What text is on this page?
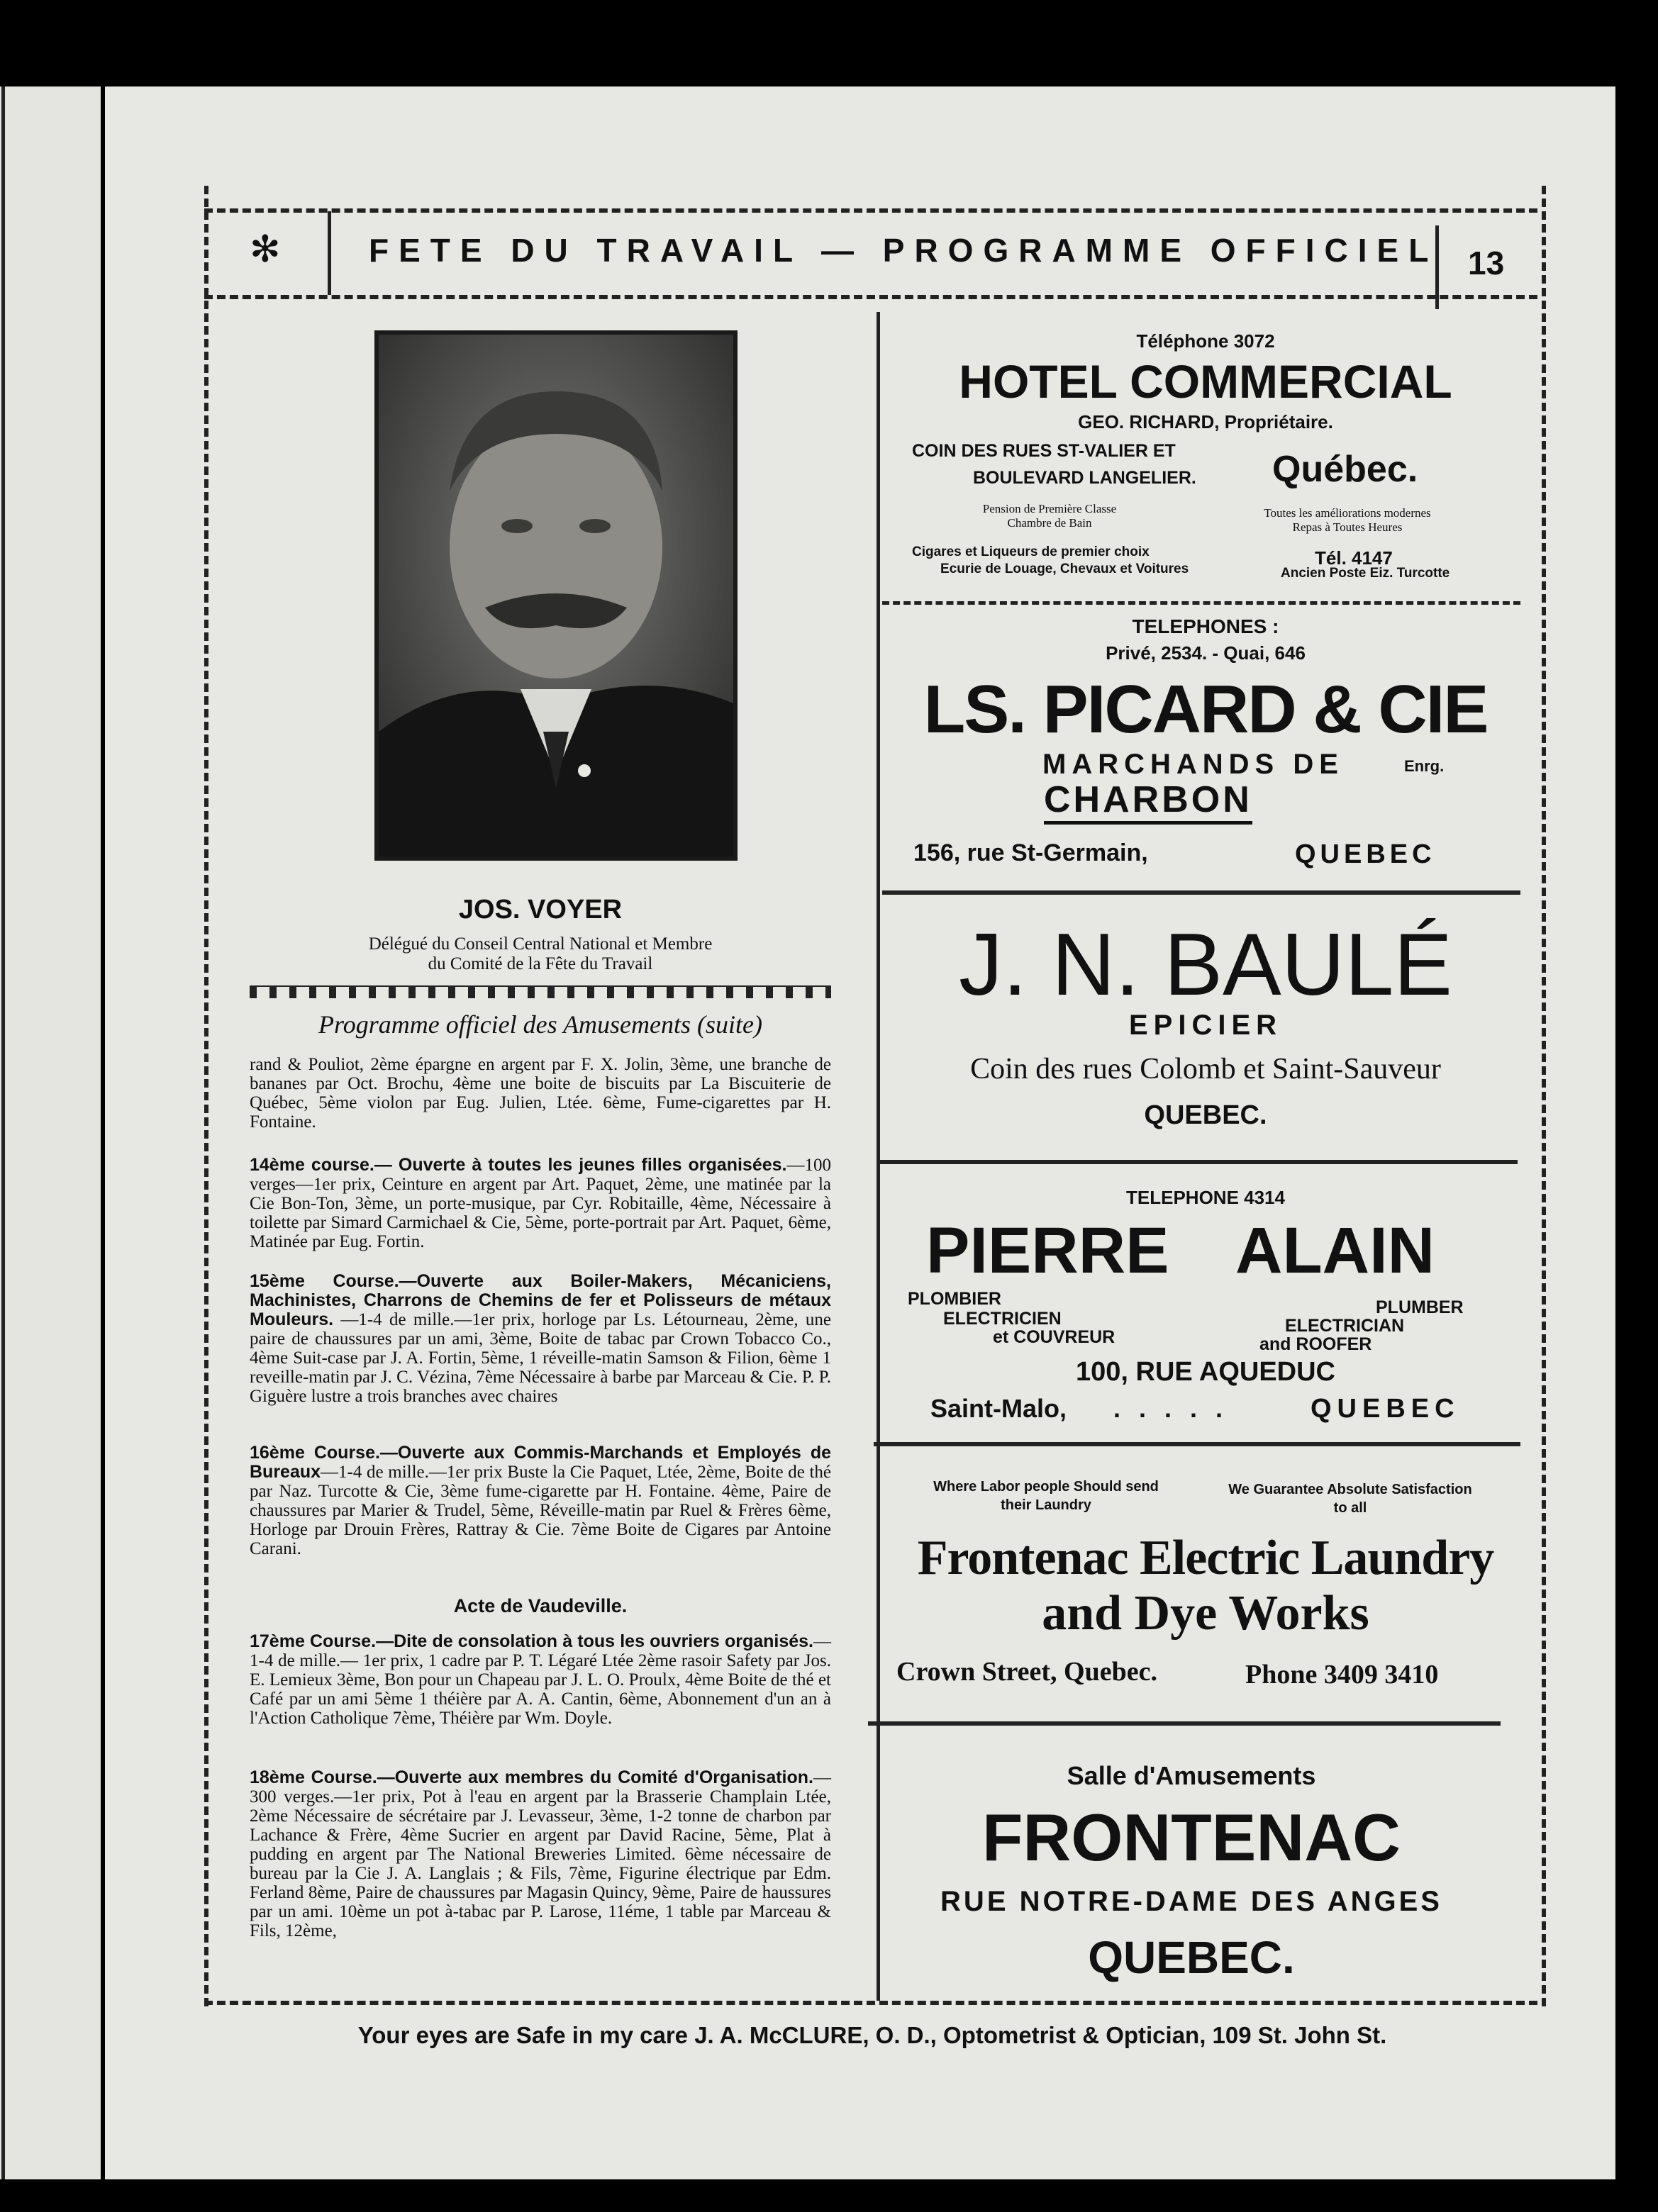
✻	FETE DU TRAVAIL — PROGRAMME OFFICIEL 13
JOS. VOYER
Délégué du Conseil Central National et Membre
du Comité de la Fête du Travail
Programme officiel des Amusements (suite)
rand & Pouliot, 2ème épargne en argent par F. X. Jolin, 3ème, une branche de bananes par Oct. Brochu, 4ème une boite de biscuits par La Biscuiterie de Québec, 5ème violon par Eug. Julien, Ltée. 6ème, Fume-cigarettes par H. Fontaine.
14ème course.— Ouverte à toutes les jeunes filles organisées.—100 verges—1er prix, Ceinture en argent par Art. Paquet, 2ème, une matinée par la Cie Bon-Ton, 3ème, un porte-musique, par Cyr. Robitaille, 4ème, Nécessaire à toilette par Simard Carmichael & Cie, 5ème, porte-portrait par Art. Paquet, 6ème, Matinée par Eug. Fortin.
15ème Course.—Ouverte aux Boiler-Makers, Mécaniciens, Machinistes, Charrons de Chemins de fer et Polisseurs de métaux Mouleurs. —1-4 de mille.—1er prix, horloge par Ls. Létourneau, 2ème, une paire de chaussures par un ami, 3ème, Boite de tabac par Crown Tobacco Co., 4ème Suit-case par J. A. Fortin, 5ème, 1 réveille-matin Samson & Filion, 6ème 1 reveille-matin par J. C. Vézina, 7ème Nécessaire à barbe par Marceau & Cie. P. P. Giguère lustre a trois branches avec chaires
16ème Course.—Ouverte aux Commis-Marchands et Employés de Bureaux—1-4 de mille.—1er prix Buste la Cie Paquet, Ltée, 2ème, Boite de thé par Naz. Turcotte & Cie, 3ème fume-cigarette par H. Fontaine. 4ème, Paire de chaussures par Marier & Trudel, 5ème, Réveille-matin par Ruel & Frères 6ème, Horloge par Drouin Frères, Rattray & Cie. 7ème Boite de Cigares par Antoine Carani.
Acte de Vaudeville.
17ème Course.—Dite de consolation à tous les ouvriers organisés.—1-4 de mille.— 1er prix, 1 cadre par P. T. Légaré Ltée 2ème rasoir Safety par Jos. E. Lemieux 3ème, Bon pour un Chapeau par J. L. O. Proulx, 4ème Boite de thé et Café par un ami 5ème 1 théière par A. A. Cantin, 6ème, Abonnement d'un an à l'Action Catholique 7ème, Théière par Wm. Doyle.
18ème Course.—Ouverte aux membres du Comité d'Organisation.—300 verges.—1er prix, Pot à l'eau en argent par la Brasserie Champlain Ltée, 2ème Nécessaire de sécrétaire par J. Levasseur, 3ème, 1-2 tonne de charbon par Lachance & Frère, 4ème Sucrier en argent par David Racine, 5ème, Plat à pudding en argent par The National Breweries Limited. 6ème nécessaire de bureau par la Cie J. A. Langlais ; & Fils, 7ème, Figurine électrique par Edm. Ferland 8ème, Paire de chaussures par Magasin Quincy, 9ème, Paire de haussures par un ami. 10ème un pot à-tabac par P. Larose, 11éme, 1 table par Marceau & Fils, 12ème,
Téléphone 3072
HOTEL COMMERCIAL
GEO. RICHARD, Propriétaire.
COIN DES RUES ST-VALIER ET
BOULEVARD LANGELIER. Québec.
Pension de Première Classe
Chambre de Bain
Toutes les améliorations modernes
Repas à Toutes Heures
Cigares et Liqueurs de premier choix
Ecurie de Louage, Chevaux et Voitures
Tél. 4147
Ancien Poste Eiz. Turcotte
TELEPHONES :
Privé, 2534. - Quai, 646
LS. PICARD & CIE
MARCHANDS DE	Enrg.
CHARBON
156, rue St-Germain,	QUEBEC
J. N. BAULÉ
EPICIER
Coin des rues Colomb et Saint-Sauveur
QUEBEC.
TELEPHONE 4314
PIERRE ALAIN
PLOMBIER
ELECTRICIEN
et COUVREUR
PLUMBER
ELECTRICIAN
and ROOFER
100, RUE AQUEDUC
Saint-Malo, . . . . .	QUEBEC
Where Labor people Should send
their Laundry
We Guarantee Absolute Satisfaction
to all
Frontenac Electric Laundry
and Dye Works
Crown Street, Quebec.	Phone 3409 3410
Salle d'Amusements
FRONTENAC
RUE NOTRE-DAME DES ANGES
QUEBEC.
Your eyes are Safe in my care J. A. McCLURE, O. D., Optometrist & Optician, 109 St. John St.
